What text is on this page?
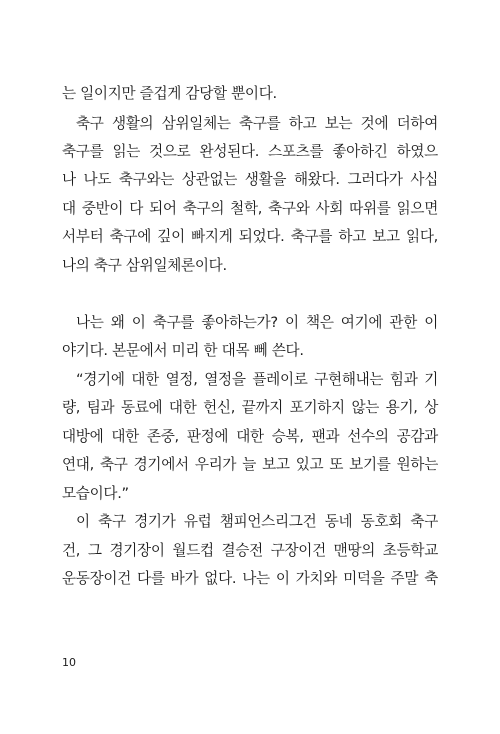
는 일이지만 즐겁게 감당할 뿐이다.
축구 생활의 삼위일체는 축구를 하고 보는 것에 더하여
축구를 읽는 것으로 완성된다. 스포츠를 좋아하긴 하였으
나 나도 축구와는 상관없는 생활을 해왔다. 그러다가 사십
대 중반이 다 되어 축구의 철학, 축구와 사회 따위를 읽으면
서부터 축구에 깊이 빠지게 되었다. 축구를 하고 보고 읽다,
나의 축구 삼위일체론이다.
나는 왜 이 축구를 좋아하는가? 이 책은 여기에 관한 이
야기다. 본문에서 미리 한 대목 뻬 쓴다.
“경기에 대한 열정, 열정을 플레이로 구현해내는 힘과 기
량, 팀과 동료에 대한 헌신, 끝까지 포기하지 않는 용기, 상
대방에 대한 존중, 판정에 대한 승복, 팬과 선수의 공감과
연대, 축구 경기에서 우리가 늘 보고 있고 또 보기를 원하는
모습이다.”
이 축구 경기가 유럽 챔피언스리그건 동네 동호회 축구
건, 그 경기장이 월드컵 결승전 구장이건 맨땅의 초등학교
운동장이건 다를 바가 없다. 나는 이 가치와 미덕을 주말 축
10
